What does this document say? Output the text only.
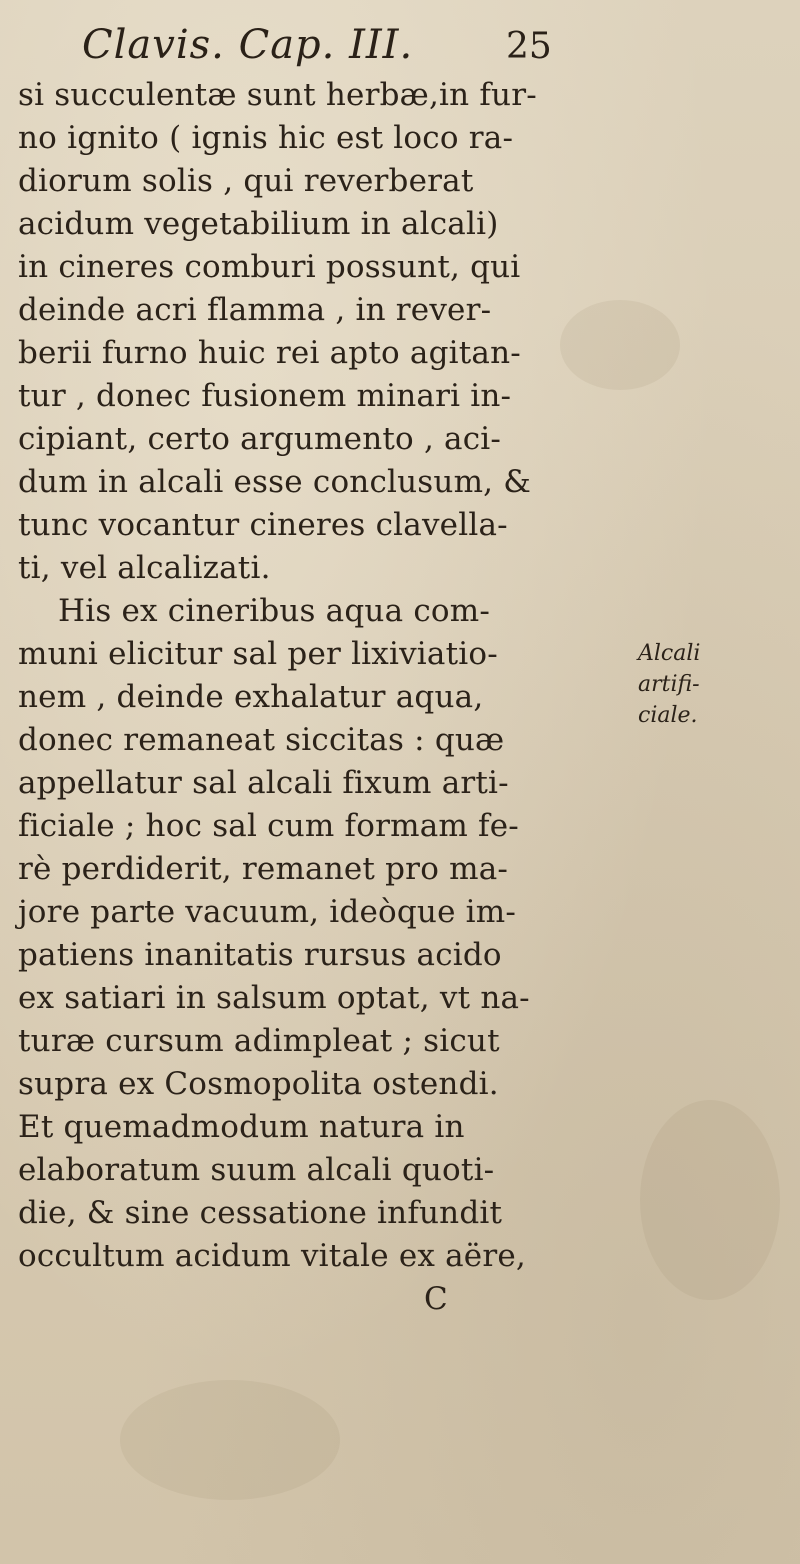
Clavis. Cap. III.	25
si succulentæ sunt herbæ,in fur-
no ignito ( ignis hic est loco ra-
diorum solis , qui reverberat
acidum vegetabilium in alcali)
in cineres comburi possunt, qui
deinde acri flamma , in rever-
berii furno huic rei apto agitan-
tur , donec fusionem minari in-
cipiant, certo argumento , aci-
dum in alcali esse conclusum, &
tunc vocantur cineres clavella-
ti, vel alcalizati.
His ex cineribus aqua com-
muni elicitur sal per lixiviatio-
nem , deinde exhalatur aqua,
donec remaneat siccitas : quæ
appellatur sal alcali fixum arti-
ficiale ; hoc sal cum formam fe-
rè perdiderit, remanet pro ma-
jore parte vacuum, ideòque im-
patiens inanitatis rursus acido
ex satiari in salsum optat, vt na-
turæ cursum adimpleat ; sicut
supra ex Cosmopolita ostendi.
Et quemadmodum natura in
elaboratum suum alcali quoti-
die, & sine cessatione infundit
occultum acidum vitale ex aëre,
C
Alcali
artifi-
ciale.
